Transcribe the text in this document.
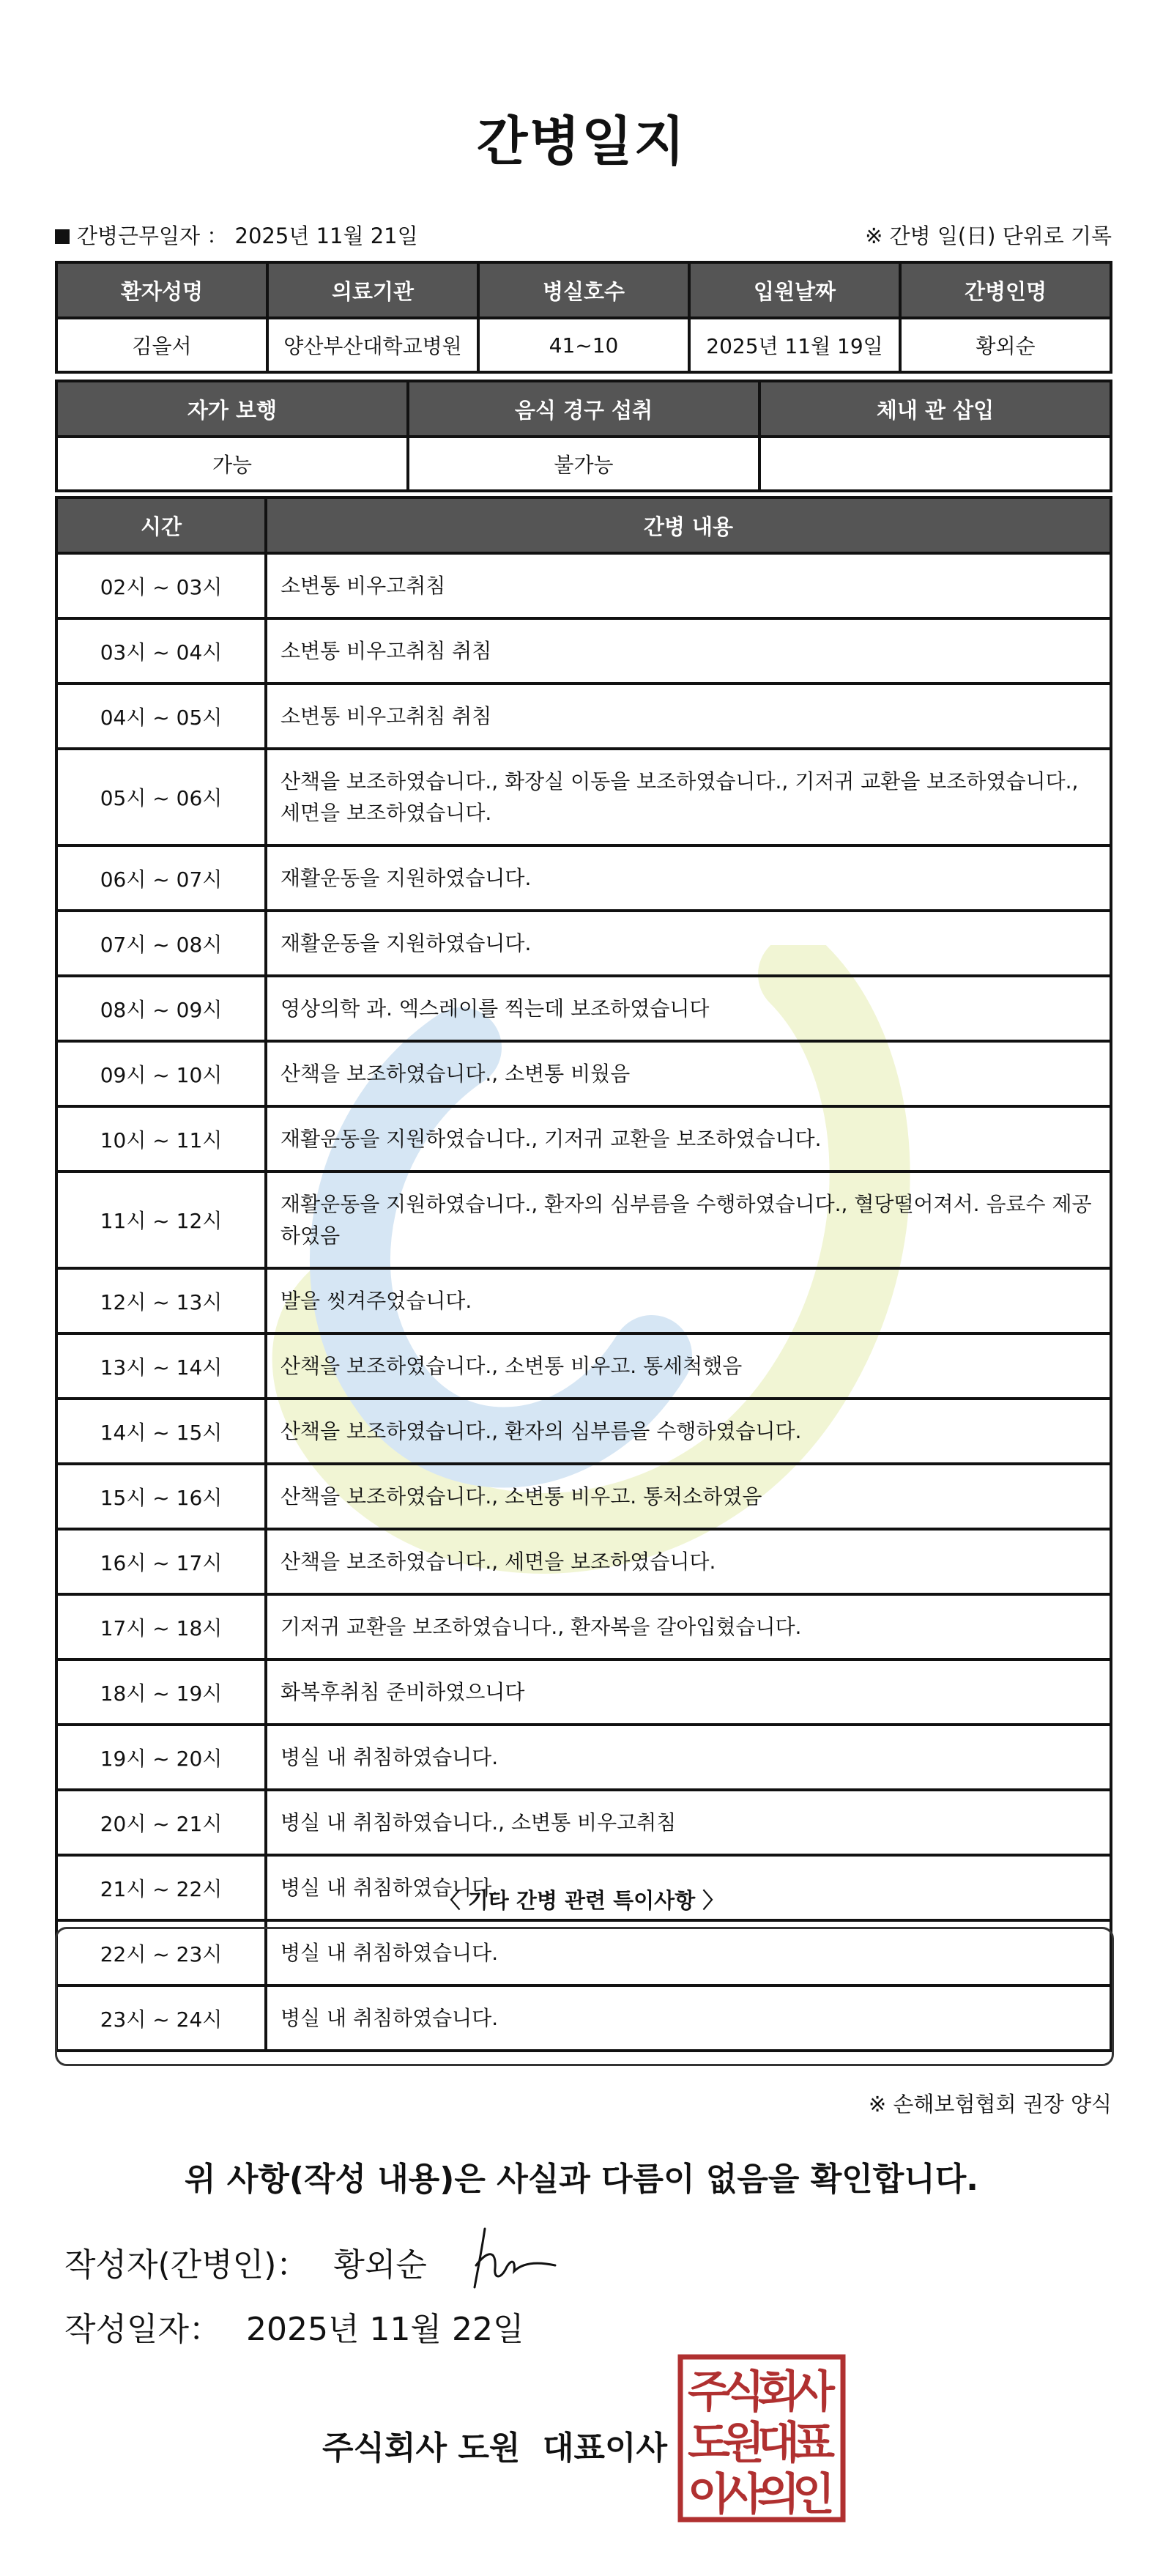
간병일지
간병근무일자 ： 2025년 11월 21일	※ 간병 일(日) 단위로 기록
환자성명	의료기관	병실호수	입원날짜	간병인명
김을서	양산부산대학교병원	41~10	2025년 11월 19일	황외순
자가 보행	음식 경구 섭취	체내 관 삽입
가능	불가능	
시간	간병 내용
02시 ~ 03시	소변통 비우고취침
03시 ~ 04시	소변통 비우고취침 취침
04시 ~ 05시	소변통 비우고취침 취침
05시 ~ 06시	산책을 보조하였습니다., 화장실 이동을 보조하였습니다., 기저귀 교환을 보조하였습니다., 세면을 보조하였습니다.
06시 ~ 07시	재활운동을 지원하였습니다.
07시 ~ 08시	재활운동을 지원하였습니다.
08시 ~ 09시	영상의학 과. 엑스레이를 찍는데 보조하였습니다
09시 ~ 10시	산책을 보조하였습니다., 소변통 비웠음
10시 ~ 11시	재활운동을 지원하였습니다., 기저귀 교환을 보조하였습니다.
11시 ~ 12시	재활운동을 지원하였습니다., 환자의 심부름을 수행하였습니다., 혈당떨어져서. 음료수 제공하였음
12시 ~ 13시	발을 씻겨주었습니다.
13시 ~ 14시	산책을 보조하였습니다., 소변통 비우고. 통세척했음
14시 ~ 15시	산책을 보조하였습니다., 환자의 심부름을 수행하였습니다.
15시 ~ 16시	산책을 보조하였습니다., 소변통 비우고. 통처소하였음
16시 ~ 17시	산책을 보조하였습니다., 세면을 보조하였습니다.
17시 ~ 18시	기저귀 교환을 보조하였습니다., 환자복을 갈아입혔습니다.
18시 ~ 19시	화복후취침 준비하였으니다
19시 ~ 20시	병실 내 취침하였습니다.
20시 ~ 21시	병실 내 취침하였습니다., 소변통 비우고취침
21시 ~ 22시	병실 내 취침하였습니다.
22시 ~ 23시	병실 내 취침하였습니다.
23시 ~ 24시	병실 내 취침하였습니다.
〈 기타 간병 관련 특이사항 〉
※ 손해보험협회 권장 양식
위 사항(작성 내용)은 사실과 다름이 없음을 확인합니다.
작성자(간병인)： 황외순
작성일자： 2025년 11월 22일
주식회사 도원  대표이사
주
식
회
사
도
원
대
표
이
사
의
인
